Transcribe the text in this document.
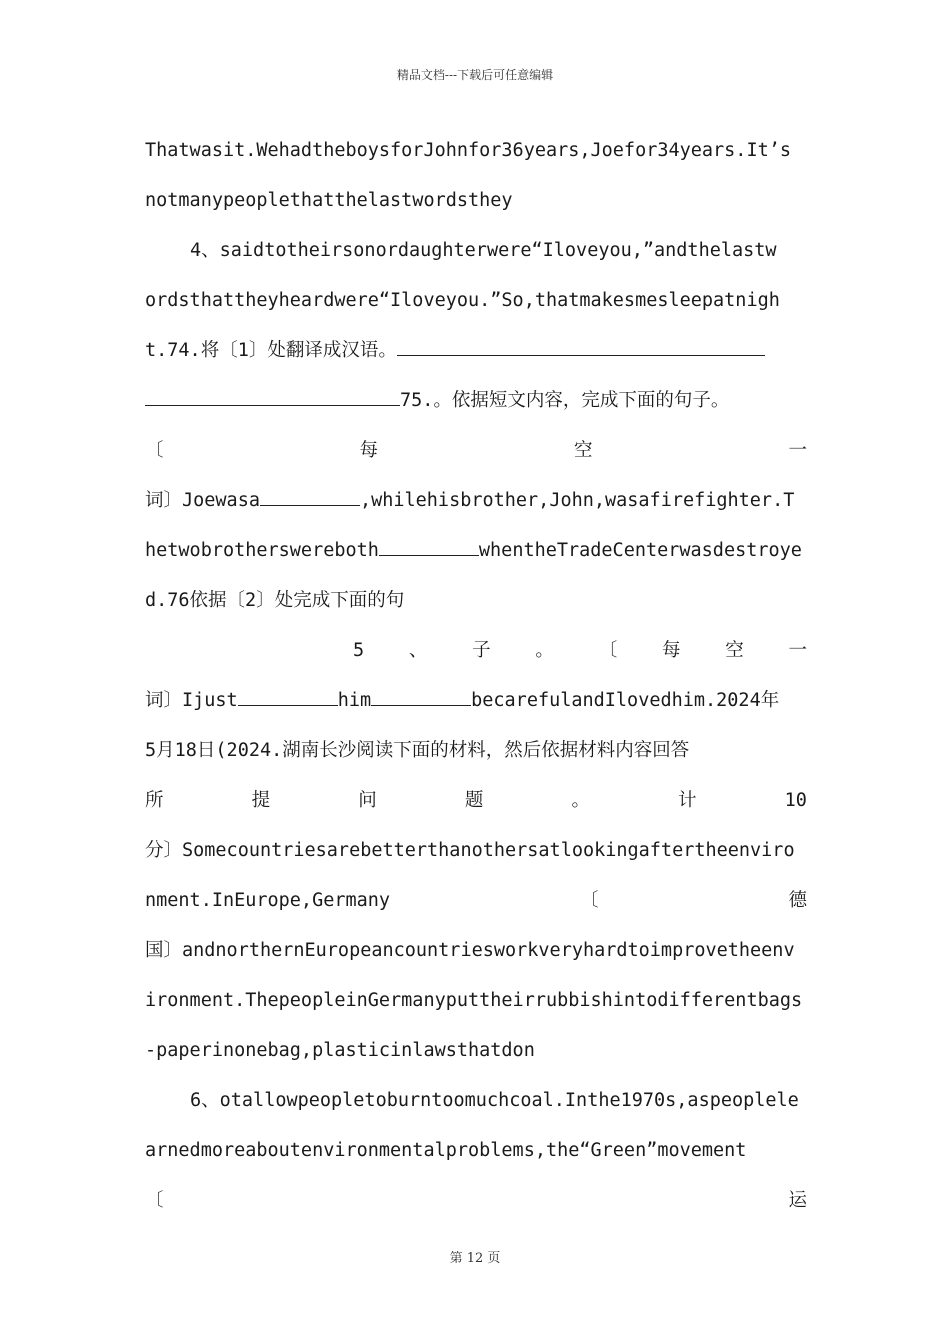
精品文档---下载后可任意编辑
Thatwasit.WehadtheboysforJohnfor36years,Joefor34years.It’s
notmanypeoplethatthelastwordsthey
4、saidtotheirsonordaughterwere“Iloveyou,”andthelastw
ordsthattheyheardwere“Iloveyou.”So,thatmakesmesleepatnigh
t.74.将〔1〕处翻译成汉语。
75.。依据短文内容，完成下面的句子。
〔	每	空	一
词〕Joewasa	,whilehisbrother,John,wasafirefighter.T
hetwobrotherswereboth	whentheTradeCenterwasdestroye
d.76依据〔2〕处完成下面的句
5 、 子 。 〔 每 空 一
词〕Ijust	him	becarefulandIlovedhim.2024年
5月18日(2024.湖南长沙阅读下面的材料，然后依据材料内容回答
所	提	问	题	。	计	10
分〕Somecountriesarebetterthanothersatlookingaftertheenviro
nment.InEurope,Germany	〔	德
国〕andnorthernEuropeancountriesworkveryhardtoimprovetheenv
ironment.ThepeopleinGermanyputtheirrubbishintodifferentbags
-paperinonebag,plasticinlawsthatdon
6、otallowpeopletoburntoomuchcoal.Inthe1970s,aspeoplele
arnedmoreaboutenvironmentalproblems,the“Green”movement
〔	运
第 12 页
